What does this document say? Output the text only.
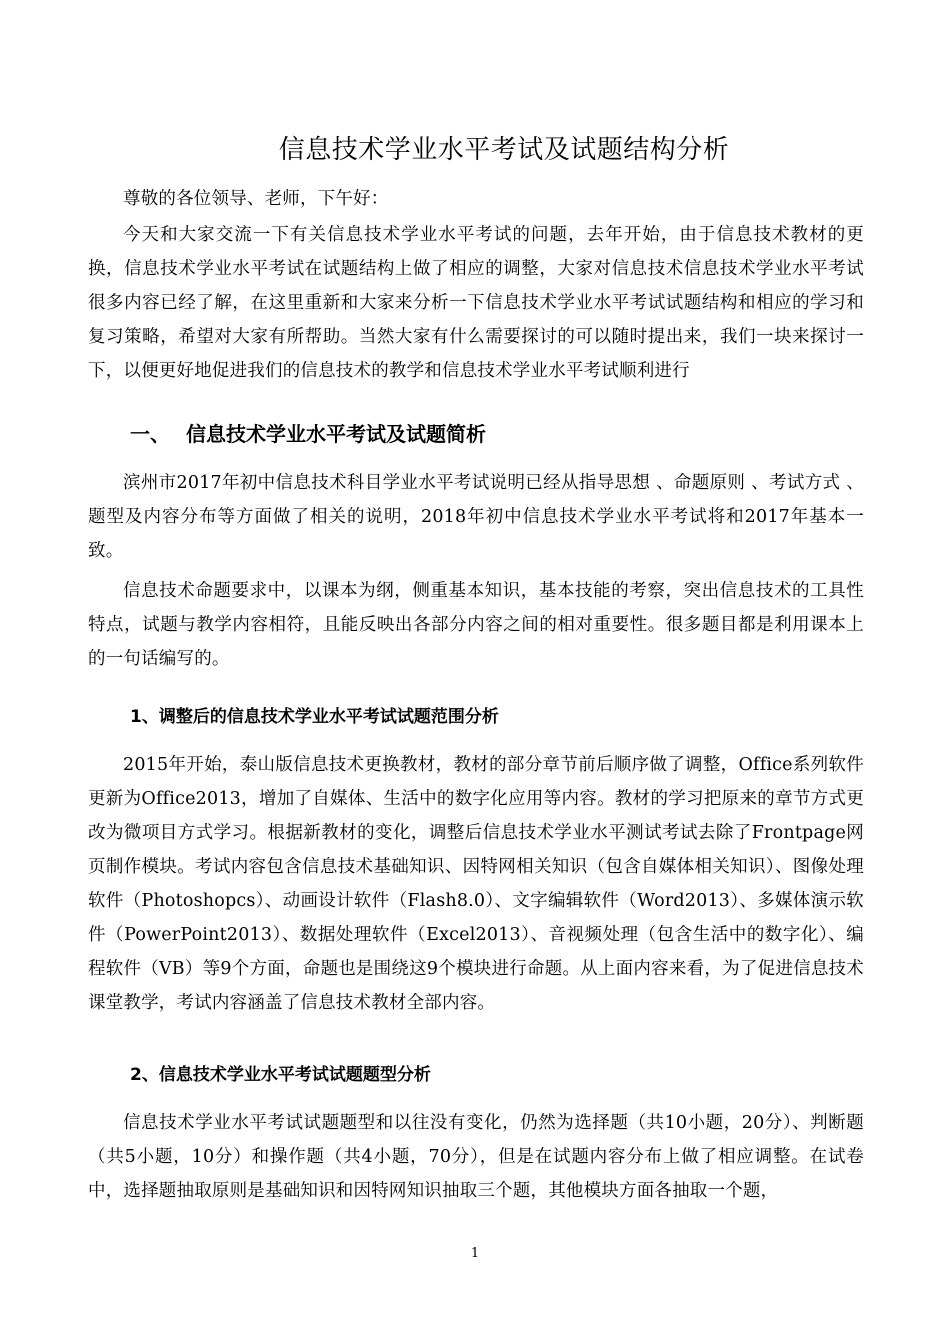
信息技术学业水平考试及试题结构分析

尊敬的各位领导、老师，下午好：

今天和大家交流一下有关信息技术学业水平考试的问题，去年开始，由于信息技术教材的更换，信息技术学业水平考试在试题结构上做了相应的调整，大家对信息技术信息技术学业水平考试很多内容已经了解，在这里重新和大家来分析一下信息技术学业水平考试试题结构和相应的学习和复习策略，希望对大家有所帮助。当然大家有什么需要探讨的可以随时提出来，我们一块来探讨一下，以便更好地促进我们的信息技术的教学和信息技术学业水平考试顺利进行

一、 信息技术学业水平考试及试题简析

滨州市2017年初中信息技术科目学业水平考试说明已经从指导思想 、命题原则 、考试方式 、题型及内容分布等方面做了相关的说明，2018年初中信息技术学业水平考试将和2017年基本一致。

信息技术命题要求中，以课本为纲，侧重基本知识，基本技能的考察，突出信息技术的工具性特点，试题与教学内容相符，且能反映出各部分内容之间的相对重要性。很多题目都是利用课本上的一句话编写的。

1、调整后的信息技术学业水平考试试题范围分析

2015年开始，泰山版信息技术更换教材，教材的部分章节前后顺序做了调整，Office系列软件更新为Office2013，增加了自媒体、生活中的数字化应用等内容。教材的学习把原来的章节方式更改为微项目方式学习。根据新教材的变化，调整后信息技术学业水平测试考试去除了Frontpage网页制作模块。考试内容包含信息技术基础知识、因特网相关知识（包含自媒体相关知识）、图像处理软件（Photoshopcs）、动画设计软件（Flash8.0）、文字编辑软件（Word2013）、多媒体演示软件（PowerPoint2013）、数据处理软件（Excel2013）、音视频处理（包含生活中的数字化）、编程软件（VB）等9个方面，命题也是围绕这9个模块进行命题。从上面内容来看，为了促进信息技术课堂教学，考试内容涵盖了信息技术教材全部内容。

2、信息技术学业水平考试试题题型分析

信息技术学业水平考试试题题型和以往没有变化，仍然为选择题（共10小题，20分）、判断题（共5小题，10分）和操作题（共4小题，70分），但是在试题内容分布上做了相应调整。在试卷中，选择题抽取原则是基础知识和因特网知识抽取三个题，其他模块方面各抽取一个题，

1
